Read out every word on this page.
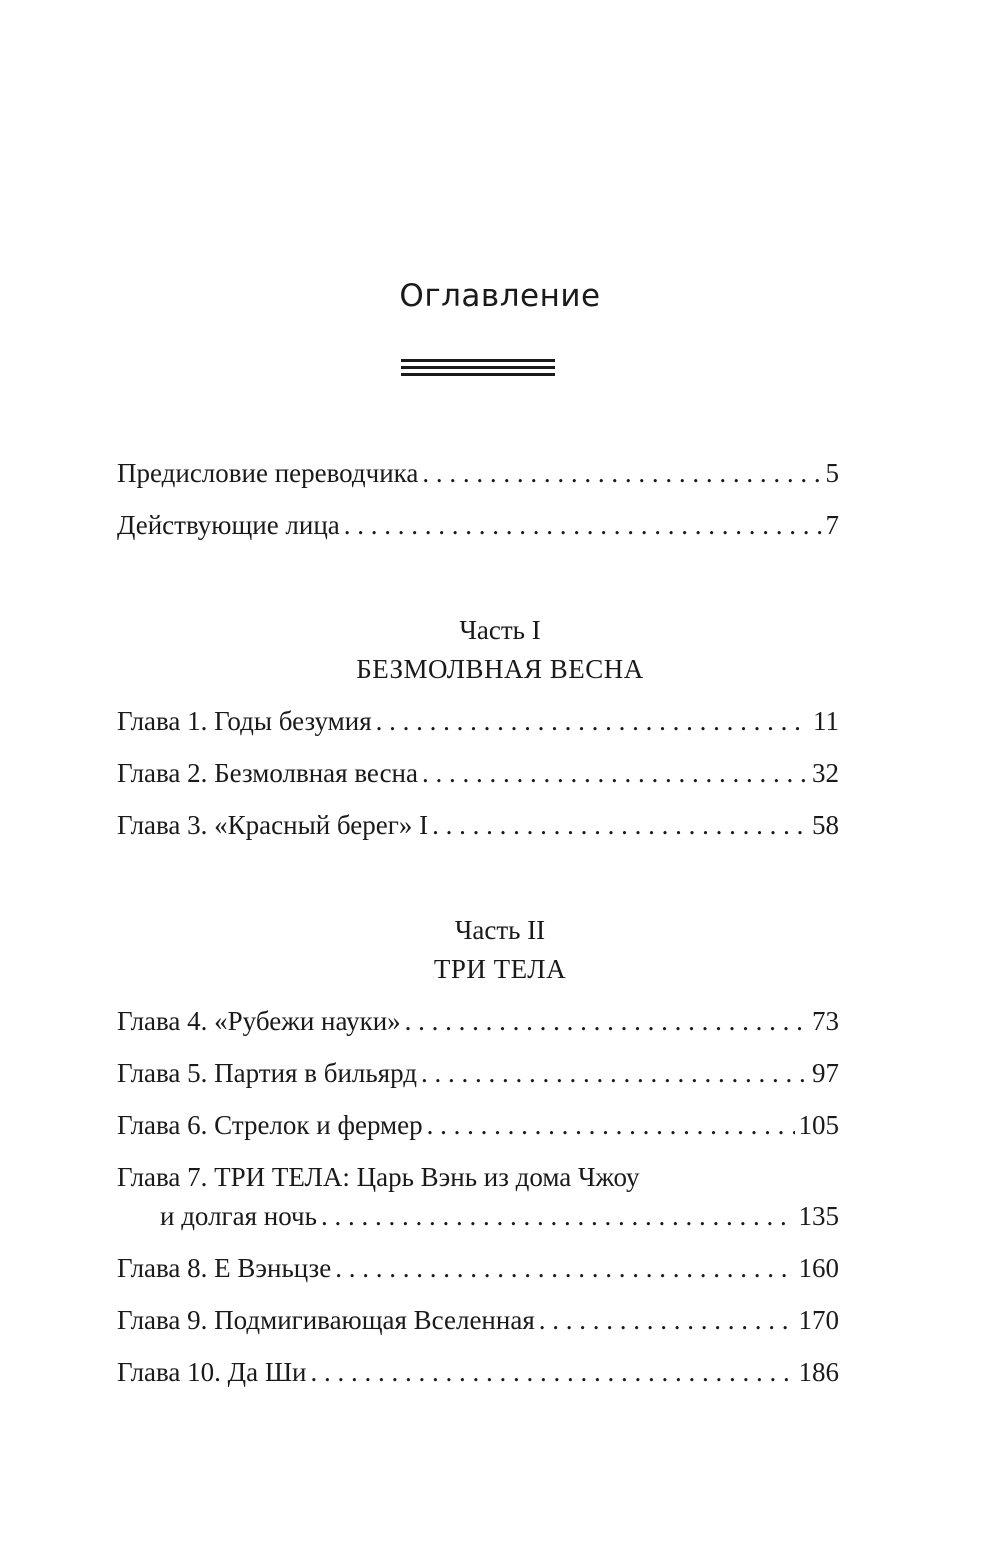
Оглавление
Предисловие переводчика . . .	5
Действующие лица . . .	7
Часть I
БЕЗМОЛВНАЯ ВЕСНА
Глава 1. Годы безумия . . .	11
Глава 2. Безмолвная весна . . .	32
Глава 3. «Красный берег» I . . .	58
Часть II
ТРИ ТЕЛА
Глава 4. «Рубежи науки» . . .	73
Глава 5. Партия в бильярд . . .	97
Глава 6. Стрелок и фермер . . .	105
Глава 7. ТРИ ТЕЛА: Царь Вэнь из дома Чжоу
и долгая ночь . . .	135
Глава 8. Е Вэньцзе . . .	160
Глава 9. Подмигивающая Вселенная . . .	170
Глава 10. Да Ши . . .	186
